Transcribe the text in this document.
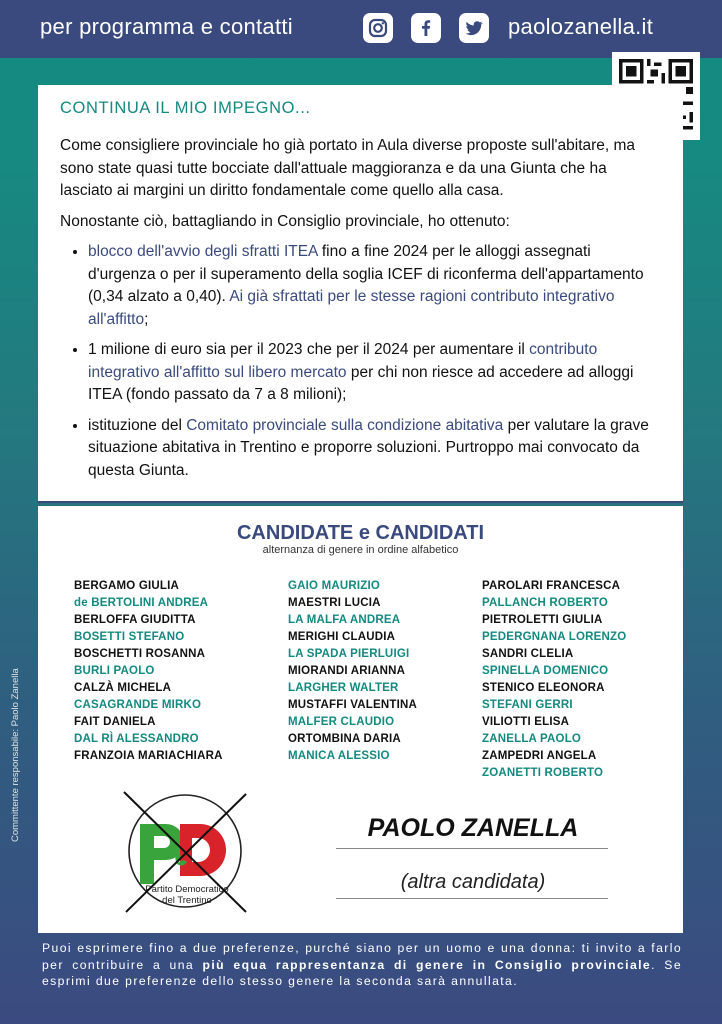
per programma e contatti	paolozanella.it
CONTINUA IL MIO IMPEGNO...

Come consigliere provinciale ho già portato in Aula diverse proposte sull'abitare, ma sono state quasi tutte bocciate dall'attuale maggioranza e da una Giunta che ha lasciato ai margini un diritto fondamentale come quello alla casa.

Nonostante ciò, battagliando in Consiglio provinciale, ho ottenuto:

• blocco dell'avvio degli sfratti ITEA fino a fine 2024 per le alloggi assegnati d'urgenza o per il superamento della soglia ICEF di riconferma dell'appartamento (0,34 alzato a 0,40). Ai già sfrattati per le stesse ragioni contributo integrativo all'affitto;
• 1 milione di euro sia per il 2023 che per il 2024 per aumentare il contributo integrativo all'affitto sul libero mercato per chi non riesce ad accedere ad alloggi ITEA (fondo passato da 7 a 8 milioni);
• istituzione del Comitato provinciale sulla condizione abitativa per valutare la grave situazione abitativa in Trentino e proporre soluzioni. Purtroppo mai convocato da questa Giunta.
CANDIDATE e CANDIDATI
alternanza di genere in ordine alfabetico
BERGAMO GIULIA
de BERTOLINI ANDREA
BERLOFFA GIUDITTA
BOSETTI STEFANO
BOSCHETTI ROSANNA
BURLI PAOLO
CALZÀ MICHELA
CASAGRANDE MIRKO
FAIT DANIELA
DAL RÌ ALESSANDRO
FRANZOIA MARIACHIARA
GAIO MAURIZIO
MAESTRI LUCIA
LA MALFA ANDREA
MERIGHI CLAUDIA
LA SPADA PIERLUIGI
MIORANDI ARIANNA
LARGHER WALTER
MUSTAFFI VALENTINA
MALFER CLAUDIO
ORTOMBINA DARIA
MANICA ALESSIO
PAROLARI FRANCESCA
PALLANCH ROBERTO
PIETROLETTI GIULIA
PEDERGNANA LORENZO
SANDRI CLELIA
SPINELLA DOMENICO
STENICO ELEONORA
STEFANI GERRI
VILIOTTI ELISA
ZANELLA PAOLO
ZAMPEDRI ANGELA
ZOANETTI ROBERTO
Partito Democratico
del Trentino
PAOLO ZANELLA
(altra candidata)
Committente responsabile: Paolo Zanella
Puoi esprimere fino a due preferenze, purché siano per un uomo e una donna: ti invito a farlo per contribuire a una più equa rappresentanza di genere in Consiglio provinciale. Se esprimi due preferenze dello stesso genere la seconda sarà annullata.
